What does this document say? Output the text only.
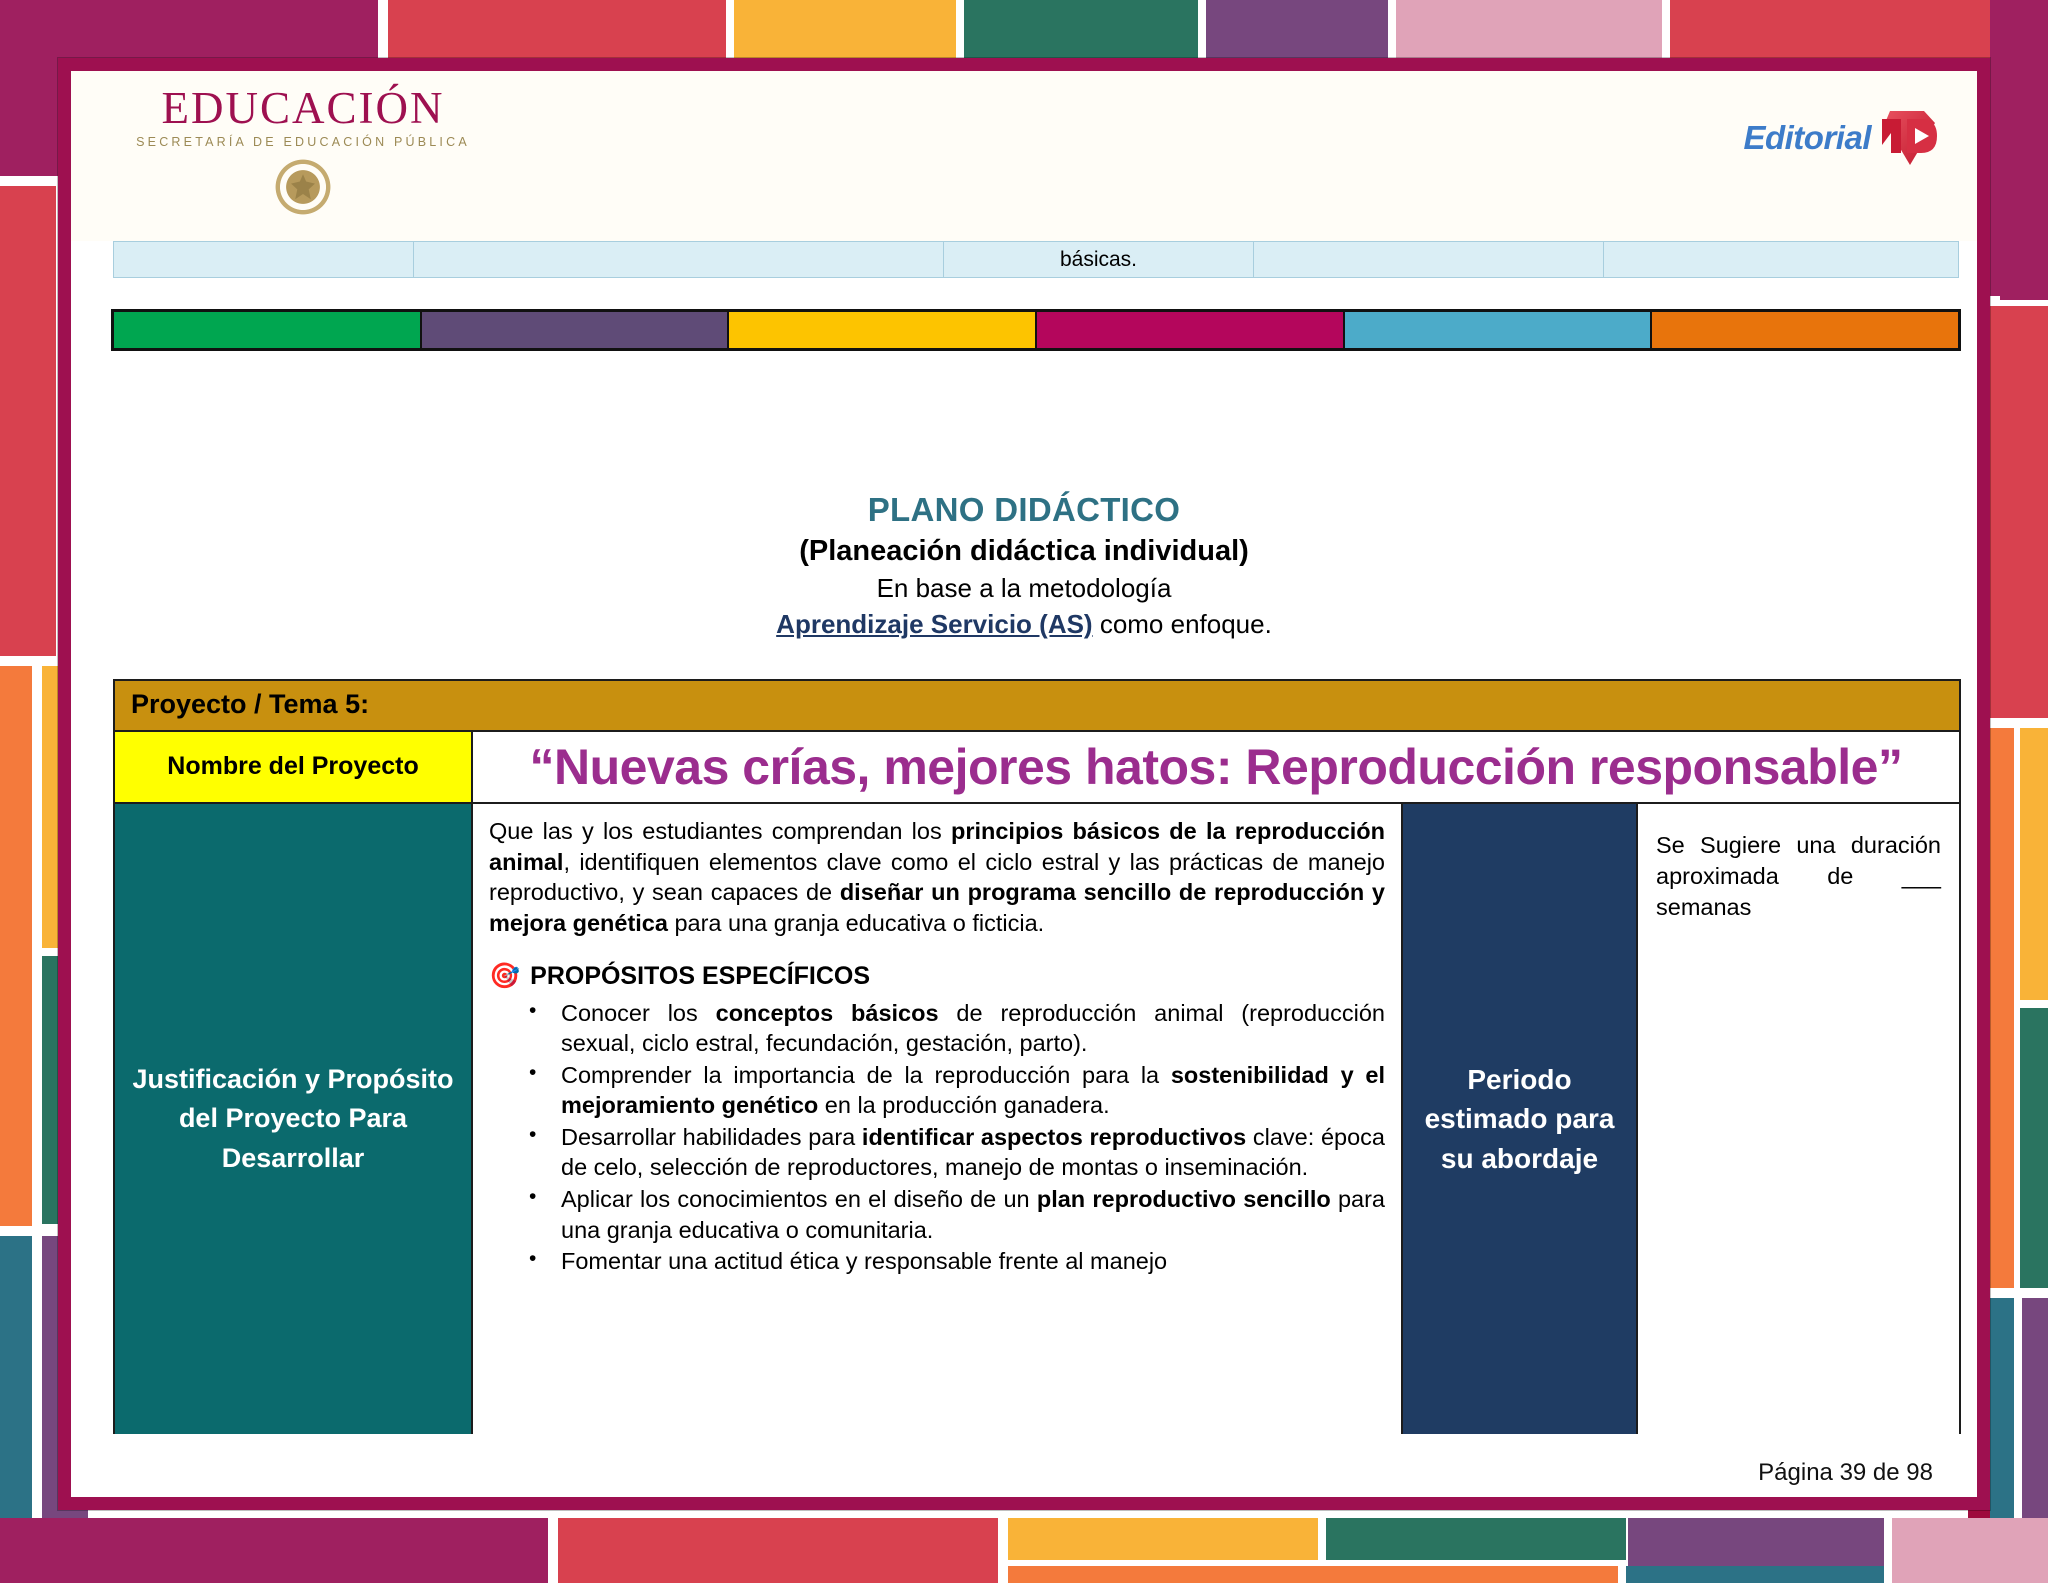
EDUCACIÓN
SECRETARÍA DE EDUCACIÓN PÚBLICA	Editorial
básicas.
PLANO DIDÁCTICO
(Planeación didáctica individual)
En base a la metodología
Aprendizaje Servicio (AS) como enfoque.
Proyecto / Tema 5:
Nombre del Proyecto	“Nuevas crías, mejores hatos: Reproducción responsable”
Justificación y Propósito del Proyecto Para Desarrollar

Que las y los estudiantes comprendan los principios básicos de la reproducción animal, identifiquen elementos clave como el ciclo estral y las prácticas de manejo reproductivo, y sean capaces de diseñar un programa sencillo de reproducción y mejora genética para una granja educativa o ficticia.

🎯 PROPÓSITOS ESPECÍFICOS
• Conocer los conceptos básicos de reproducción animal (reproducción sexual, ciclo estral, fecundación, gestación, parto).
• Comprender la importancia de la reproducción para la sostenibilidad y el mejoramiento genético en la producción ganadera.
• Desarrollar habilidades para identificar aspectos reproductivos clave: época de celo, selección de reproductores, manejo de montas o inseminación.
• Aplicar los conocimientos en el diseño de un plan reproductivo sencillo para una granja educativa o comunitaria.
• Fomentar una actitud ética y responsable frente al manejo
Periodo estimado para su abordaje
Se Sugiere una duración aproximada de ___ semanas
Página 39 de 98
